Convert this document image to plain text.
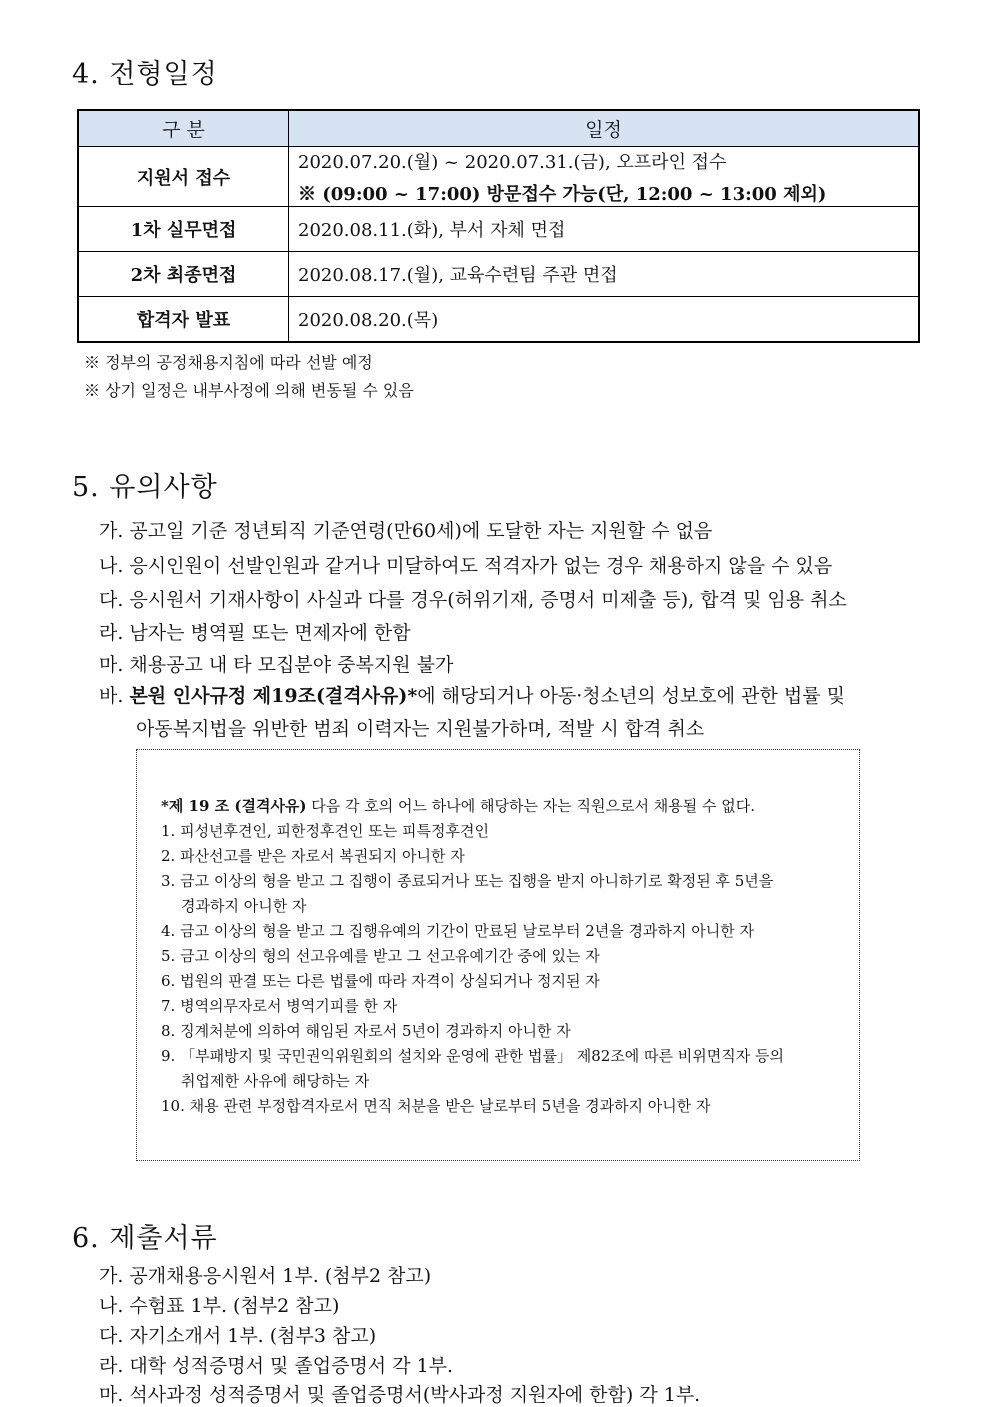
4. 전형일정
구 분	일정
지원서 접수	2020.07.20.(월) ~ 2020.07.31.(금), 오프라인 접수
※ (09:00 ~ 17:00) 방문접수 가능(단, 12:00 ~ 13:00 제외)

1차 실무면접	2020.08.11.(화), 부서 자체 면접
2차 최종면접	2020.08.17.(월), 교육수련팀 주관 면접
합격자 발표	2020.08.20.(목)
※ 정부의 공정채용지침에 따라 선발 예정
※ 상기 일정은 내부사정에 의해 변동될 수 있음
5. 유의사항
가. 공고일 기준 정년퇴직 기준연령(만60세)에 도달한 자는 지원할 수 없음
나. 응시인원이 선발인원과 같거나 미달하여도 적격자가 없는 경우 채용하지 않을 수 있음
다. 응시원서 기재사항이 사실과 다를 경우(허위기재, 증명서 미제출 등), 합격 및 임용 취소
라. 남자는 병역필 또는 면제자에 한함
마. 채용공고 내 타 모집분야 중복지원 불가
바. 본원 인사규정 제19조(결격사유)*에 해당되거나 아동·청소년의 성보호에 관한 법률 및
아동복지법을 위반한 범죄 이력자는 지원불가하며, 적발 시 합격 취소
*제 19 조 (결격사유) 다음 각 호의 어느 하나에 해당하는 자는 직원으로서 채용될 수 없다.
1. 피성년후견인, 피한정후견인 또는 피특정후견인
2. 파산선고를 받은 자로서 복권되지 아니한 자
3. 금고 이상의 형을 받고 그 집행이 종료되거나 또는 집행을 받지 아니하기로 확정된 후 5년을
경과하지 아니한 자
4. 금고 이상의 형을 받고 그 집행유예의 기간이 만료된 날로부터 2년을 경과하지 아니한 자
5. 금고 이상의 형의 선고유예를 받고 그 선고유예기간 중에 있는 자
6. 법원의 판결 또는 다른 법률에 따라 자격이 상실되거나 정지된 자
7. 병역의무자로서 병역기피를 한 자
8. 징계처분에 의하여 해임된 자로서 5년이 경과하지 아니한 자
9. 「부패방지 및 국민권익위원회의 설치와 운영에 관한 법률」 제82조에 따른 비위면직자 등의
취업제한 사유에 해당하는 자
10. 채용 관련 부정합격자로서 면직 처분을 받은 날로부터 5년을 경과하지 아니한 자
6. 제출서류
가. 공개채용응시원서 1부. (첨부2 참고)
나. 수험표 1부. (첨부2 참고)
다. 자기소개서 1부. (첨부3 참고)
라. 대학 성적증명서 및 졸업증명서 각 1부.
마. 석사과정 성적증명서 및 졸업증명서(박사과정 지원자에 한함) 각 1부.
